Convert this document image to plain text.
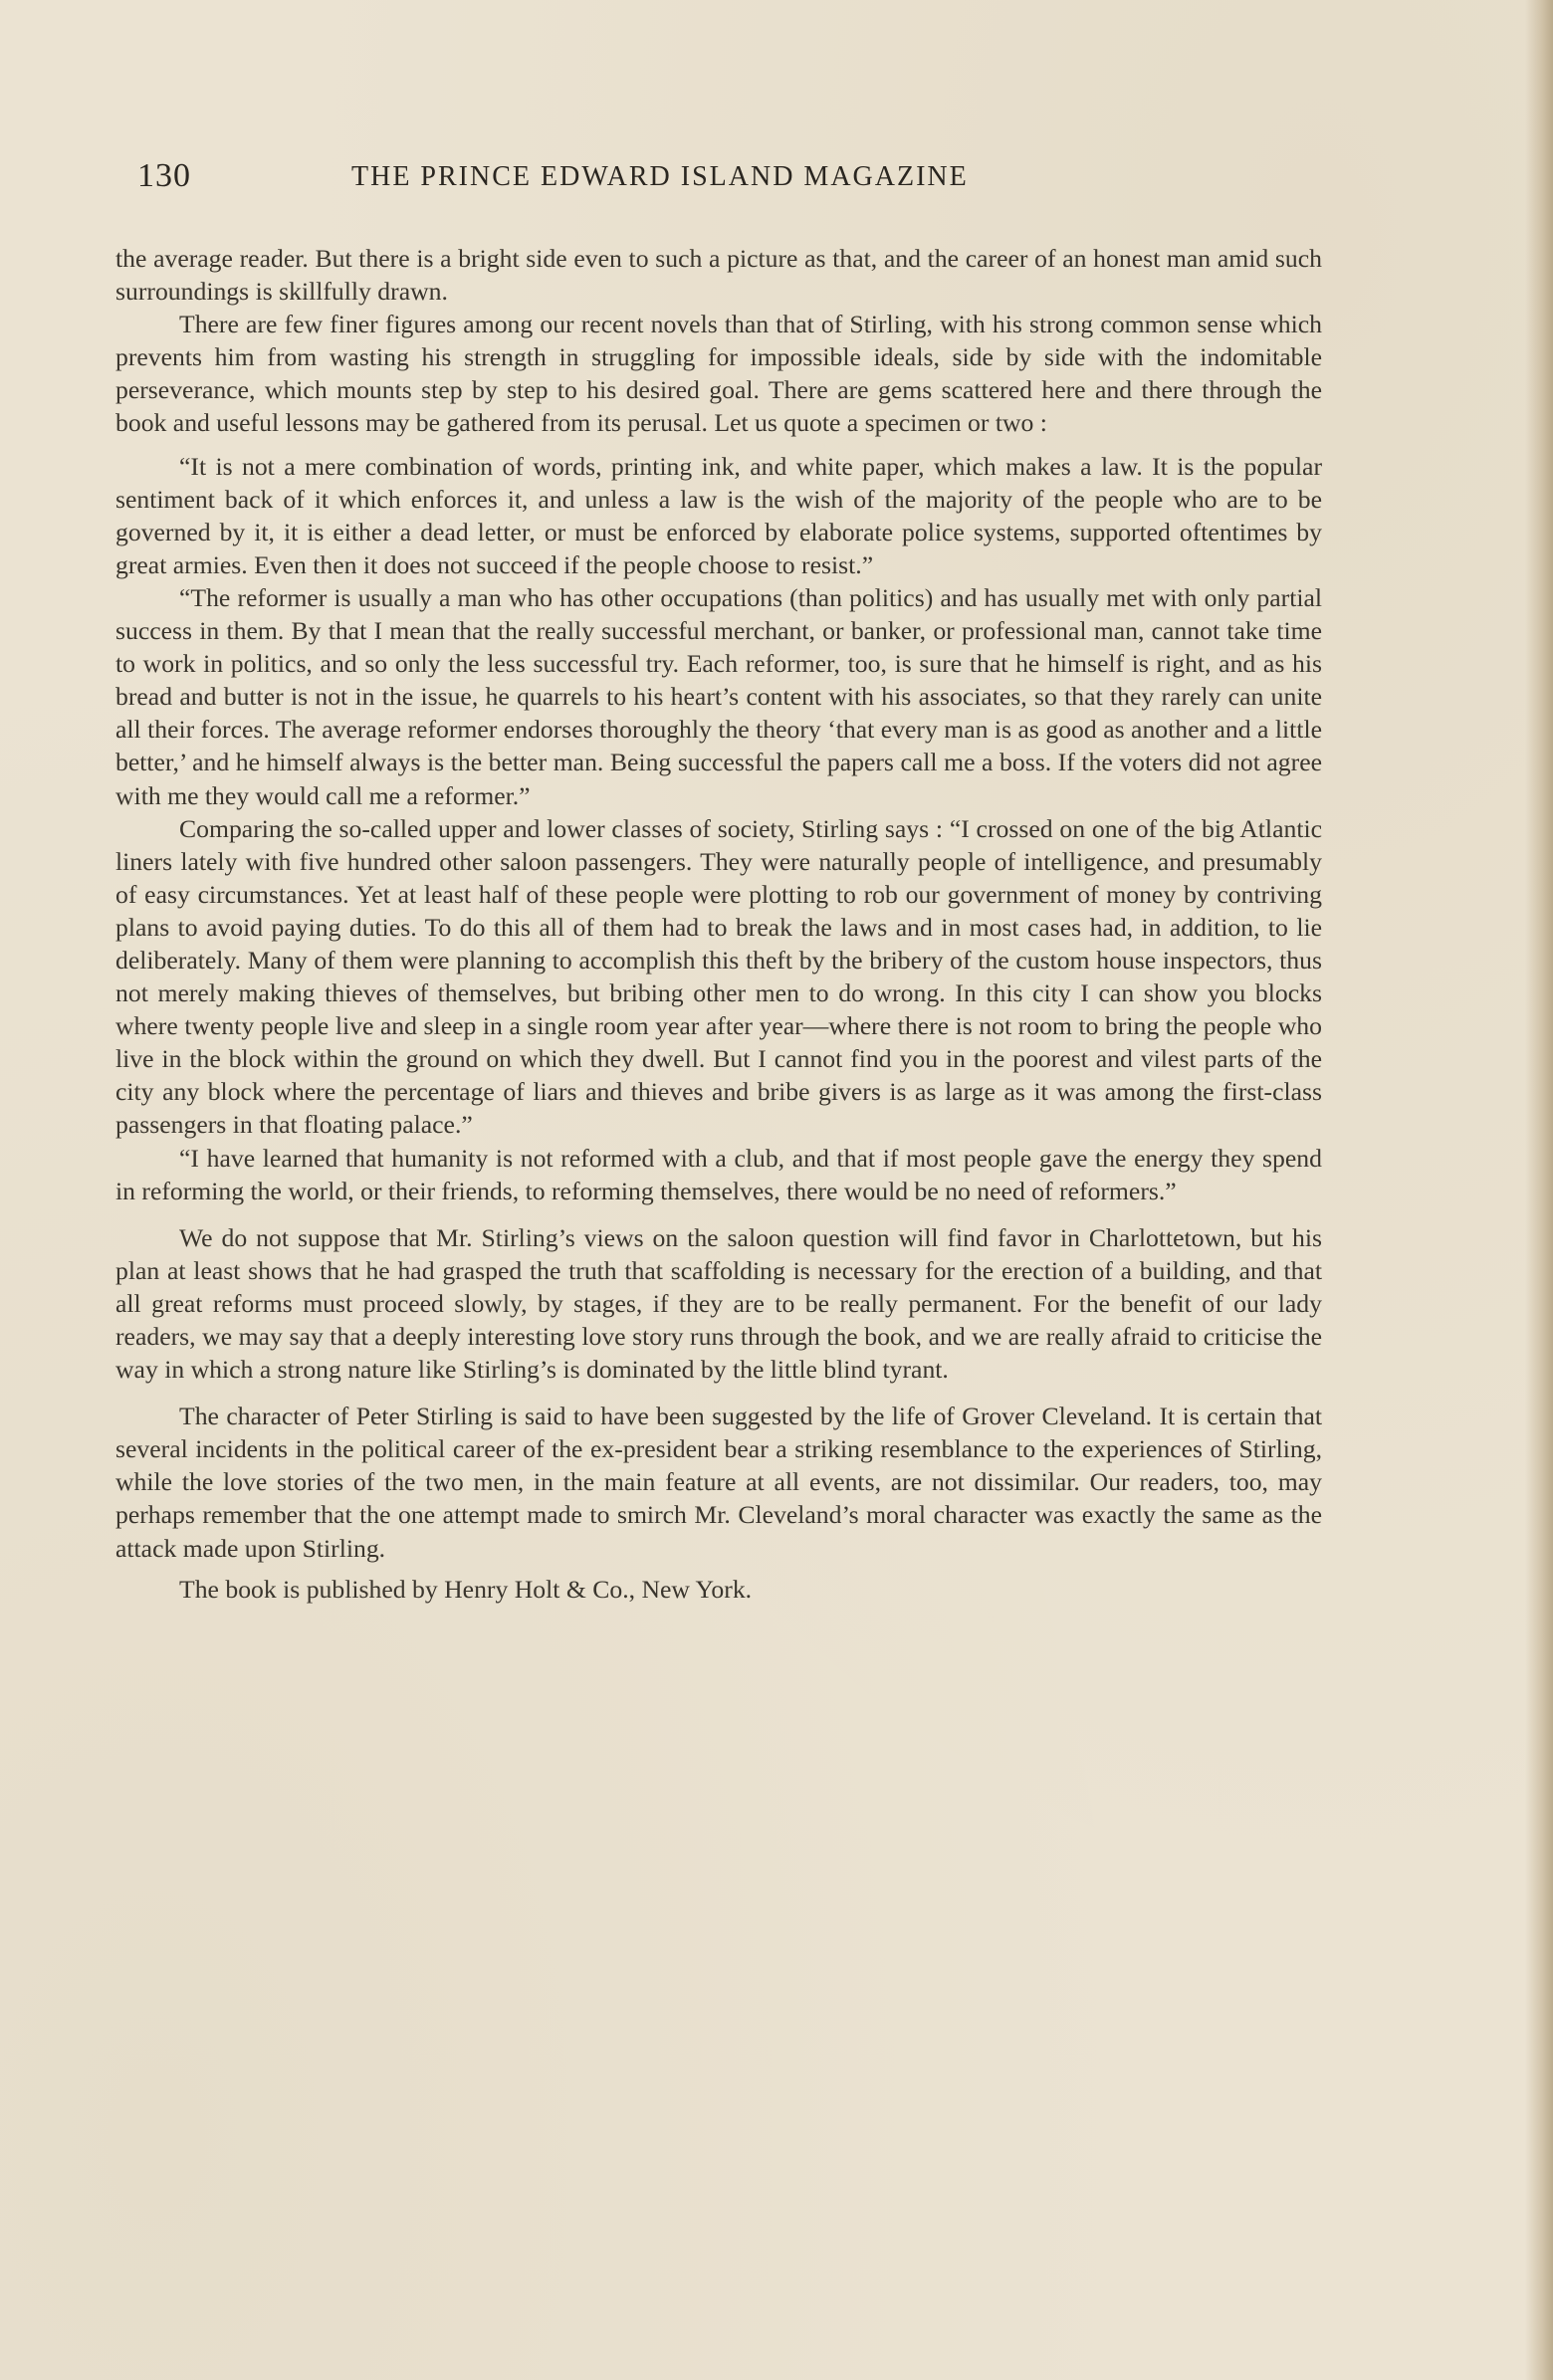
130	THE PRINCE EDWARD ISLAND MAGAZINE

the average reader. But there is a bright side even to such a picture as that, and the career of an honest man amid such surroundings is skillfully drawn.

There are few finer figures among our recent novels than that of Stirling, with his strong common sense which prevents him from wasting his strength in struggling for impossible ideals, side by side with the indomitable perseverance, which mounts step by step to his desired goal. There are gems scattered here and there through the book and useful lessons may be gathered from its perusal. Let us quote a specimen or two :

“It is not a mere combination of words, printing ink, and white paper, which makes a law. It is the popular sentiment back of it which enforces it, and unless a law is the wish of the majority of the people who are to be governed by it, it is either a dead letter, or must be enforced by elaborate police systems, supported oftentimes by great armies. Even then it does not succeed if the people choose to resist.”

“The reformer is usually a man who has other occupations (than politics) and has usually met with only partial success in them. By that I mean that the really successful merchant, or banker, or professional man, cannot take time to work in politics, and so only the less successful try. Each reformer, too, is sure that he himself is right, and as his bread and butter is not in the issue, he quarrels to his heart’s content with his associates, so that they rarely can unite all their forces. The average reformer endorses thoroughly the theory ‘that every man is as good as another and a little better,’ and he himself always is the better man. Being successful the papers call me a boss. If the voters did not agree with me they would call me a reformer.”

Comparing the so-called upper and lower classes of society, Stirling says : “I crossed on one of the big Atlantic liners lately with five hundred other saloon passengers. They were naturally people of intelligence, and presumably of easy circumstances. Yet at least half of these people were plotting to rob our government of money by contriving plans to avoid paying duties. To do this all of them had to break the laws and in most cases had, in addition, to lie deliberately. Many of them were planning to accomplish this theft by the bribery of the custom house inspectors, thus not merely making thieves of themselves, but bribing other men to do wrong. In this city I can show you blocks where twenty people live and sleep in a single room year after year—where there is not room to bring the people who live in the block within the ground on which they dwell. But I cannot find you in the poorest and vilest parts of the city any block where the percentage of liars and thieves and bribe givers is as large as it was among the first-class passengers in that floating palace.”

“I have learned that humanity is not reformed with a club, and that if most people gave the energy they spend in reforming the world, or their friends, to reforming themselves, there would be no need of reformers.”

We do not suppose that Mr. Stirling’s views on the saloon question will find favor in Charlottetown, but his plan at least shows that he had grasped the truth that scaffolding is necessary for the erection of a building, and that all great reforms must proceed slowly, by stages, if they are to be really permanent. For the benefit of our lady readers, we may say that a deeply interesting love story runs through the book, and we are really afraid to criticise the way in which a strong nature like Stirling’s is dominated by the little blind tyrant.

The character of Peter Stirling is said to have been suggested by the life of Grover Cleveland. It is certain that several incidents in the political career of the ex-president bear a striking resemblance to the experiences of Stirling, while the love stories of the two men, in the main feature at all events, are not dissimilar. Our readers, too, may perhaps remember that the one attempt made to smirch Mr. Cleveland’s moral character was exactly the same as the attack made upon Stirling.

The book is published by Henry Holt & Co., New York.
